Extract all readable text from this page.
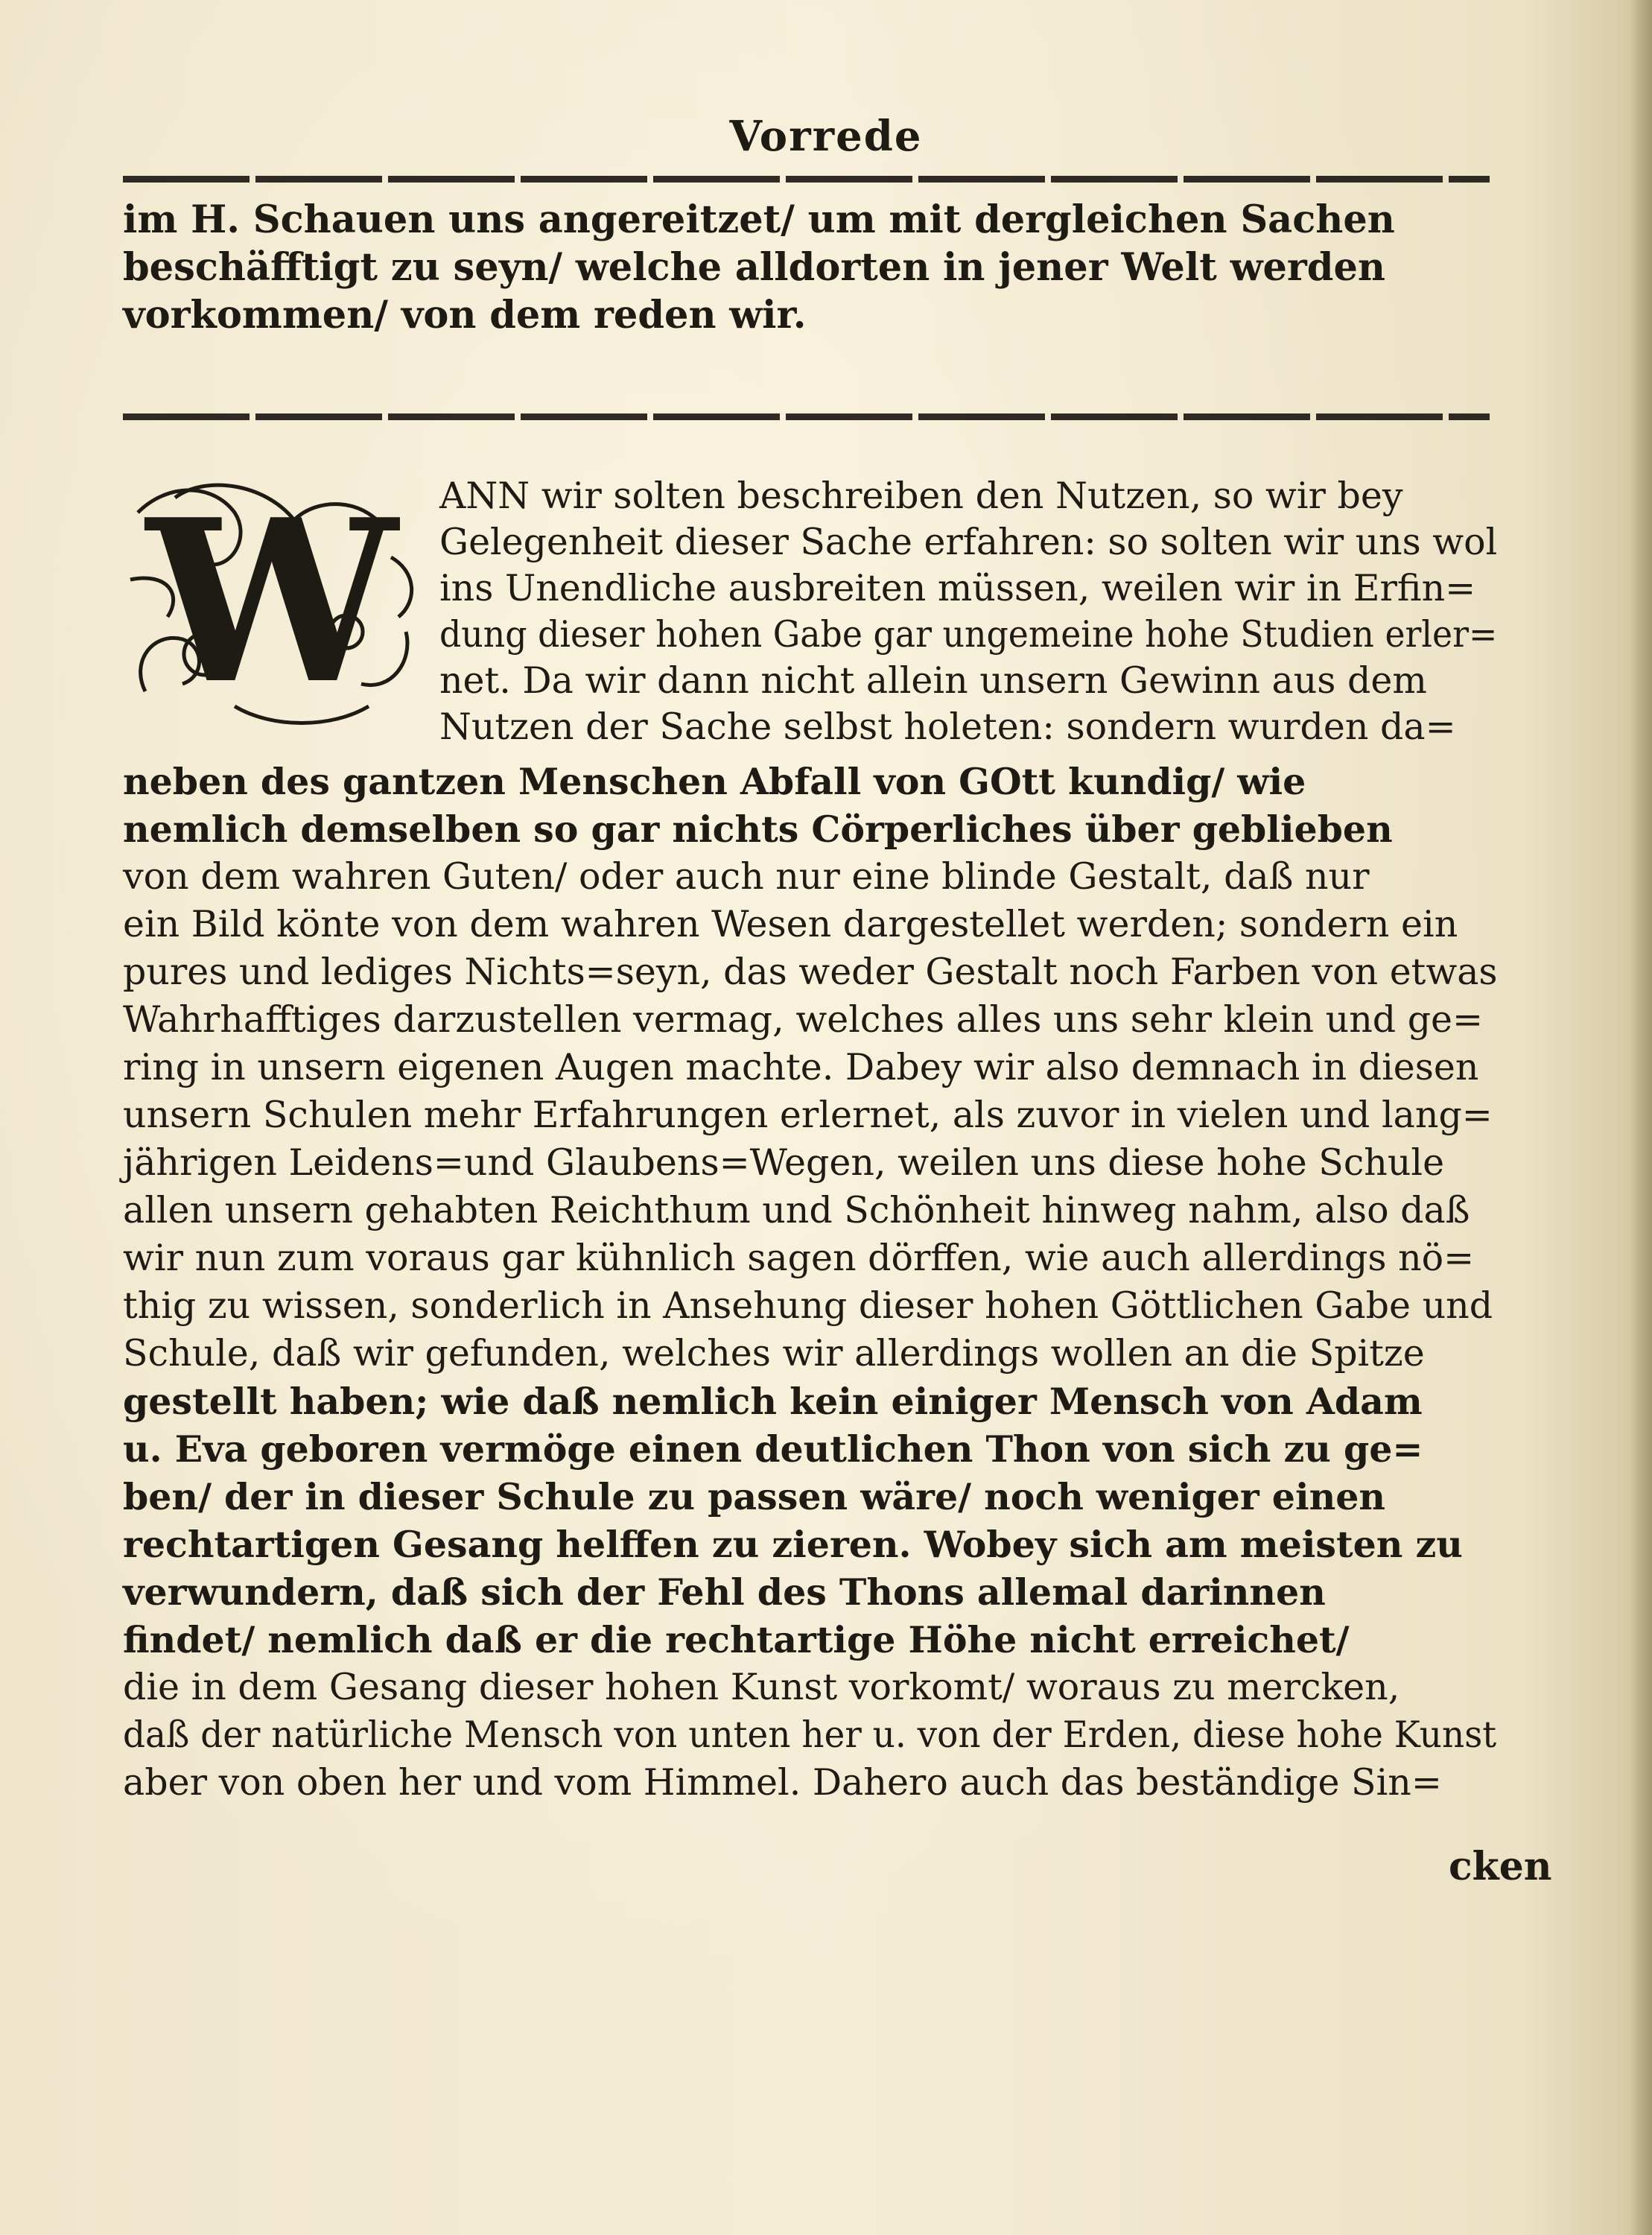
Vorrede
im H. Schauen uns angereitzet/ um mit dergleichen Sachen
beschäfftigt zu seyn/ welche alldorten in jener Welt werden
vorkommen/ von dem reden wir.
W ANN wir solten beschreiben den Nutzen, so wir bey
Gelegenheit dieser Sache erfahren: so solten wir uns wol
ins Unendliche ausbreiten müssen, weilen wir in Erfin=
dung dieser hohen Gabe gar ungemeine hohe Studien erler=
net. Da wir dann nicht allein unsern Gewinn aus dem
Nutzen der Sache selbst holeten: sondern wurden da=
neben des gantzen Menschen Abfall von GOtt kundig/ wie
nemlich demselben so gar nichts Cörperliches über geblieben
von dem wahren Guten/ oder auch nur eine blinde Gestalt, daß nur
ein Bild könte von dem wahren Wesen dargestellet werden; sondern ein
pures und lediges Nichts=seyn, das weder Gestalt noch Farben von etwas
Wahrhafftiges darzustellen vermag, welches alles uns sehr klein und ge=
ring in unsern eigenen Augen machte. Dabey wir also demnach in diesen
unsern Schulen mehr Erfahrungen erlernet, als zuvor in vielen und lang=
jährigen Leidens=und Glaubens=Wegen, weilen uns diese hohe Schule
allen unsern gehabten Reichthum und Schönheit hinweg nahm, also daß
wir nun zum voraus gar kühnlich sagen dörffen, wie auch allerdings nö=
thig zu wissen, sonderlich in Ansehung dieser hohen Göttlichen Gabe und
Schule, daß wir gefunden, welches wir allerdings wollen an die Spitze
gestellt haben; wie daß nemlich kein einiger Mensch von Adam
u. Eva geboren vermöge einen deutlichen Thon von sich zu ge=
ben/ der in dieser Schule zu passen wäre/ noch weniger einen
rechtartigen Gesang helffen zu zieren. Wobey sich am meisten zu
verwundern, daß sich der Fehl des Thons allemal darinnen
findet/ nemlich daß er die rechtartige Höhe nicht erreichet/
die in dem Gesang dieser hohen Kunst vorkomt/ woraus zu mercken,
daß der natürliche Mensch von unten her u. von der Erden, diese hohe Kunst
aber von oben her und vom Himmel. Dahero auch das beständige Sin=
cken
